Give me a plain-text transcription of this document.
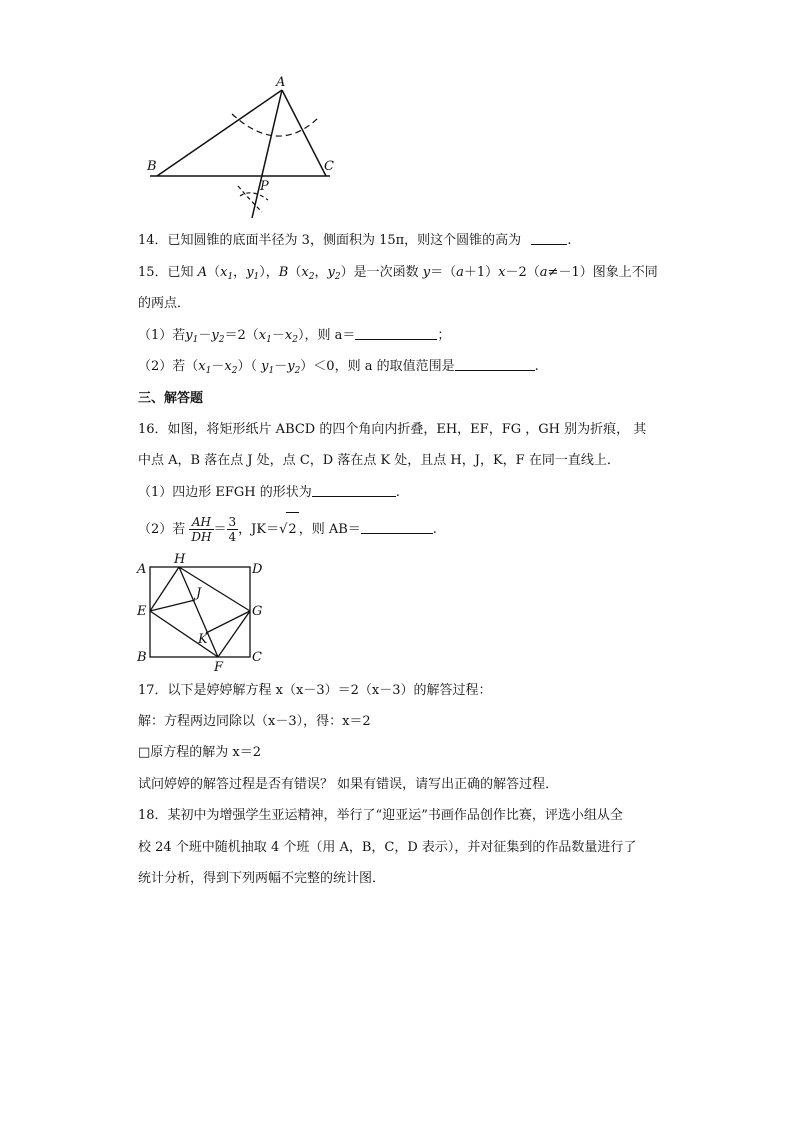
A
B	C
P
14．已知圆锥的底面半径为 3，侧面积为 15π，则这个圆锥的高为	.
15．已知 $A(x_1$，$y_1$），$B(x_2$，$y_2$）是一次函数 y＝（a＋1）x－2（a≠－1）图象上不同
的两点．
（1）若$y_1-y_2=2(x_1-x_2)$，则 a＝	；
（2）若$(x_1-x_2)$（ $y_1-y_2)<0$，则 a 的取值范围是	.
三、解答题
16．如图，将矩形纸片 ABCD 的四个角向内折叠，EH，EF，FG ，GH 别为折痕， 其
中点 A，B 落在点 J 处，点 C，D 落在点 K 处，且点 H，J，K，F 在同一直线上．
（1）四边形 EFGH 的形状为	.
（2）若 $\frac{AH}{DH} = \frac{3}{4}$ ，JK＝√2 ，则 AB＝	.
A
H
D
J
E	G
K
B
F
C
17．以下是婷婷解方程 x（x－3）＝2（x－3）的解答过程：
解：方程两边同除以（x－3），得：x＝2
□原方程的解为 x＝2
试问婷婷的解答过程是否有错误？ 如果有错误，请写出正确的解答过程．
18．某初中为增强学生亚运精神，举行了“迎亚运”书画作品创作比赛，评选小组从全
校 24 个班中随机抽取 4 个班（用 A，B，C，D 表示），并对征集到的作品数量进行了
统计分析，得到下列两幅不完整的统计图．
